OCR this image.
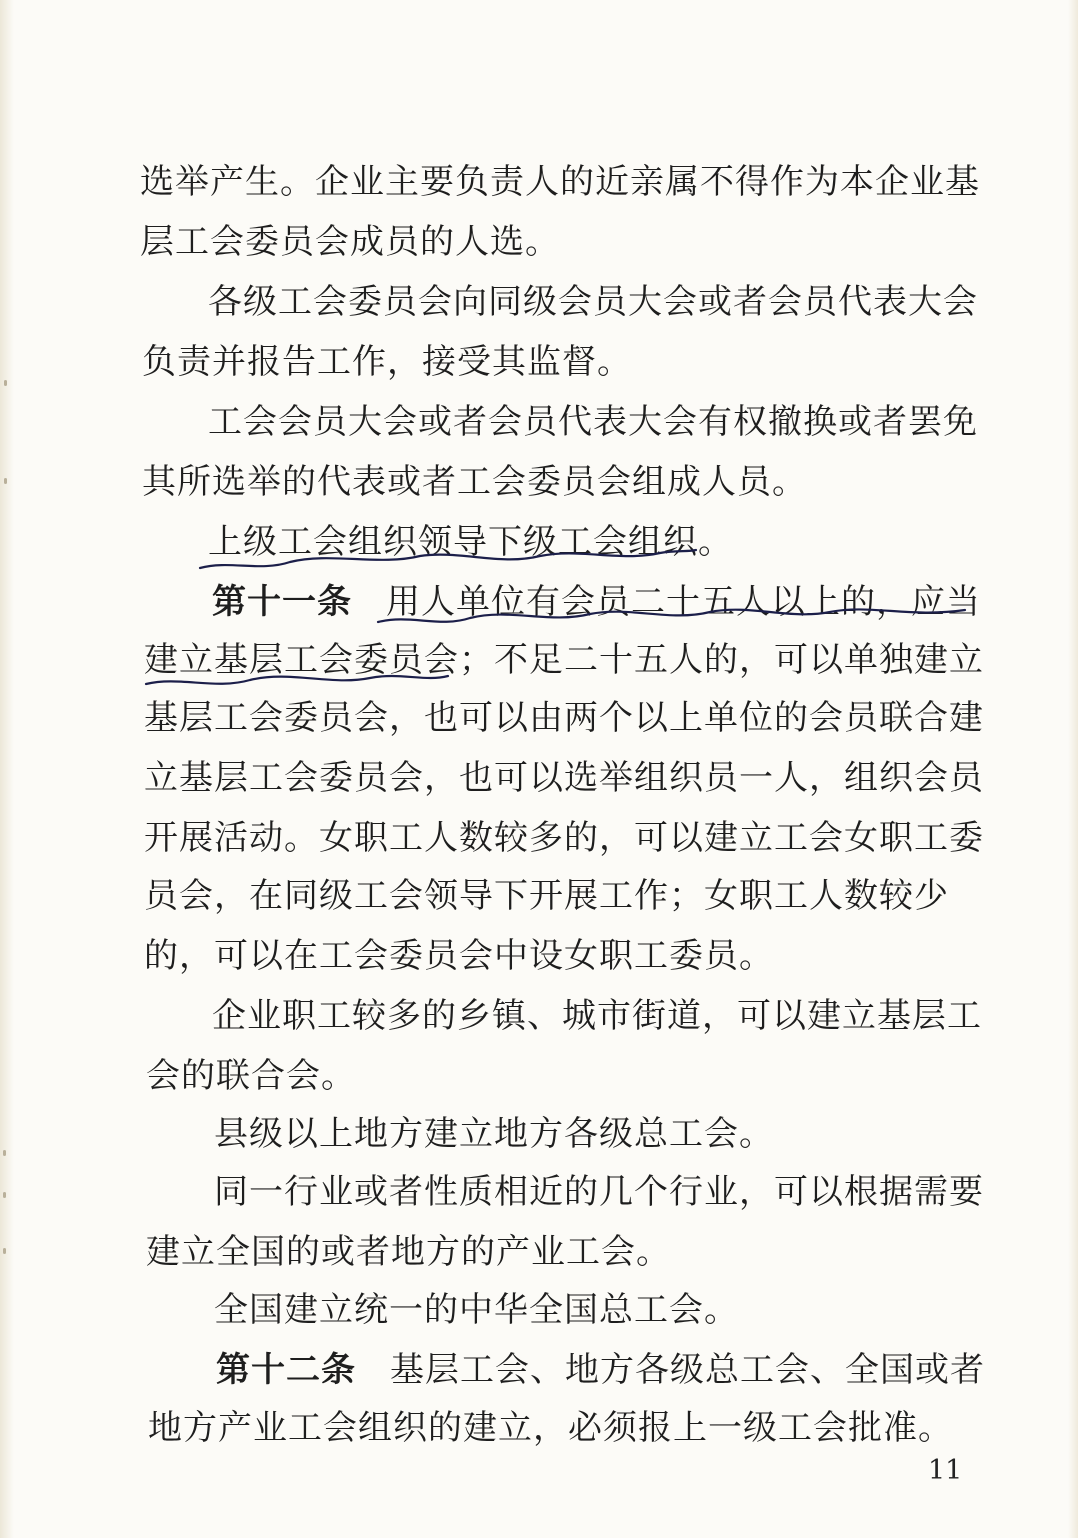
选举产生。企业主要负责人的近亲属不得作为本企业基
层工会委员会成员的人选。
各级工会委员会向同级会员大会或者会员代表大会
负责并报告工作，接受其监督。
工会会员大会或者会员代表大会有权撤换或者罢免
其所选举的代表或者工会委员会组成人员。
上级工会组织领导下级工会组织。
第十一条 用人单位有会员二十五人以上的，应当
建立基层工会委员会；不足二十五人的，可以单独建立
基层工会委员会，也可以由两个以上单位的会员联合建
立基层工会委员会，也可以选举组织员一人，组织会员
开展活动。女职工人数较多的，可以建立工会女职工委
员会，在同级工会领导下开展工作；女职工人数较少
的，可以在工会委员会中设女职工委员。
企业职工较多的乡镇、城市街道，可以建立基层工
会的联合会。
县级以上地方建立地方各级总工会。
同一行业或者性质相近的几个行业，可以根据需要
建立全国的或者地方的产业工会。
全国建立统一的中华全国总工会。
第十二条 基层工会、地方各级总工会、全国或者
地方产业工会组织的建立，必须报上一级工会批准。
11
